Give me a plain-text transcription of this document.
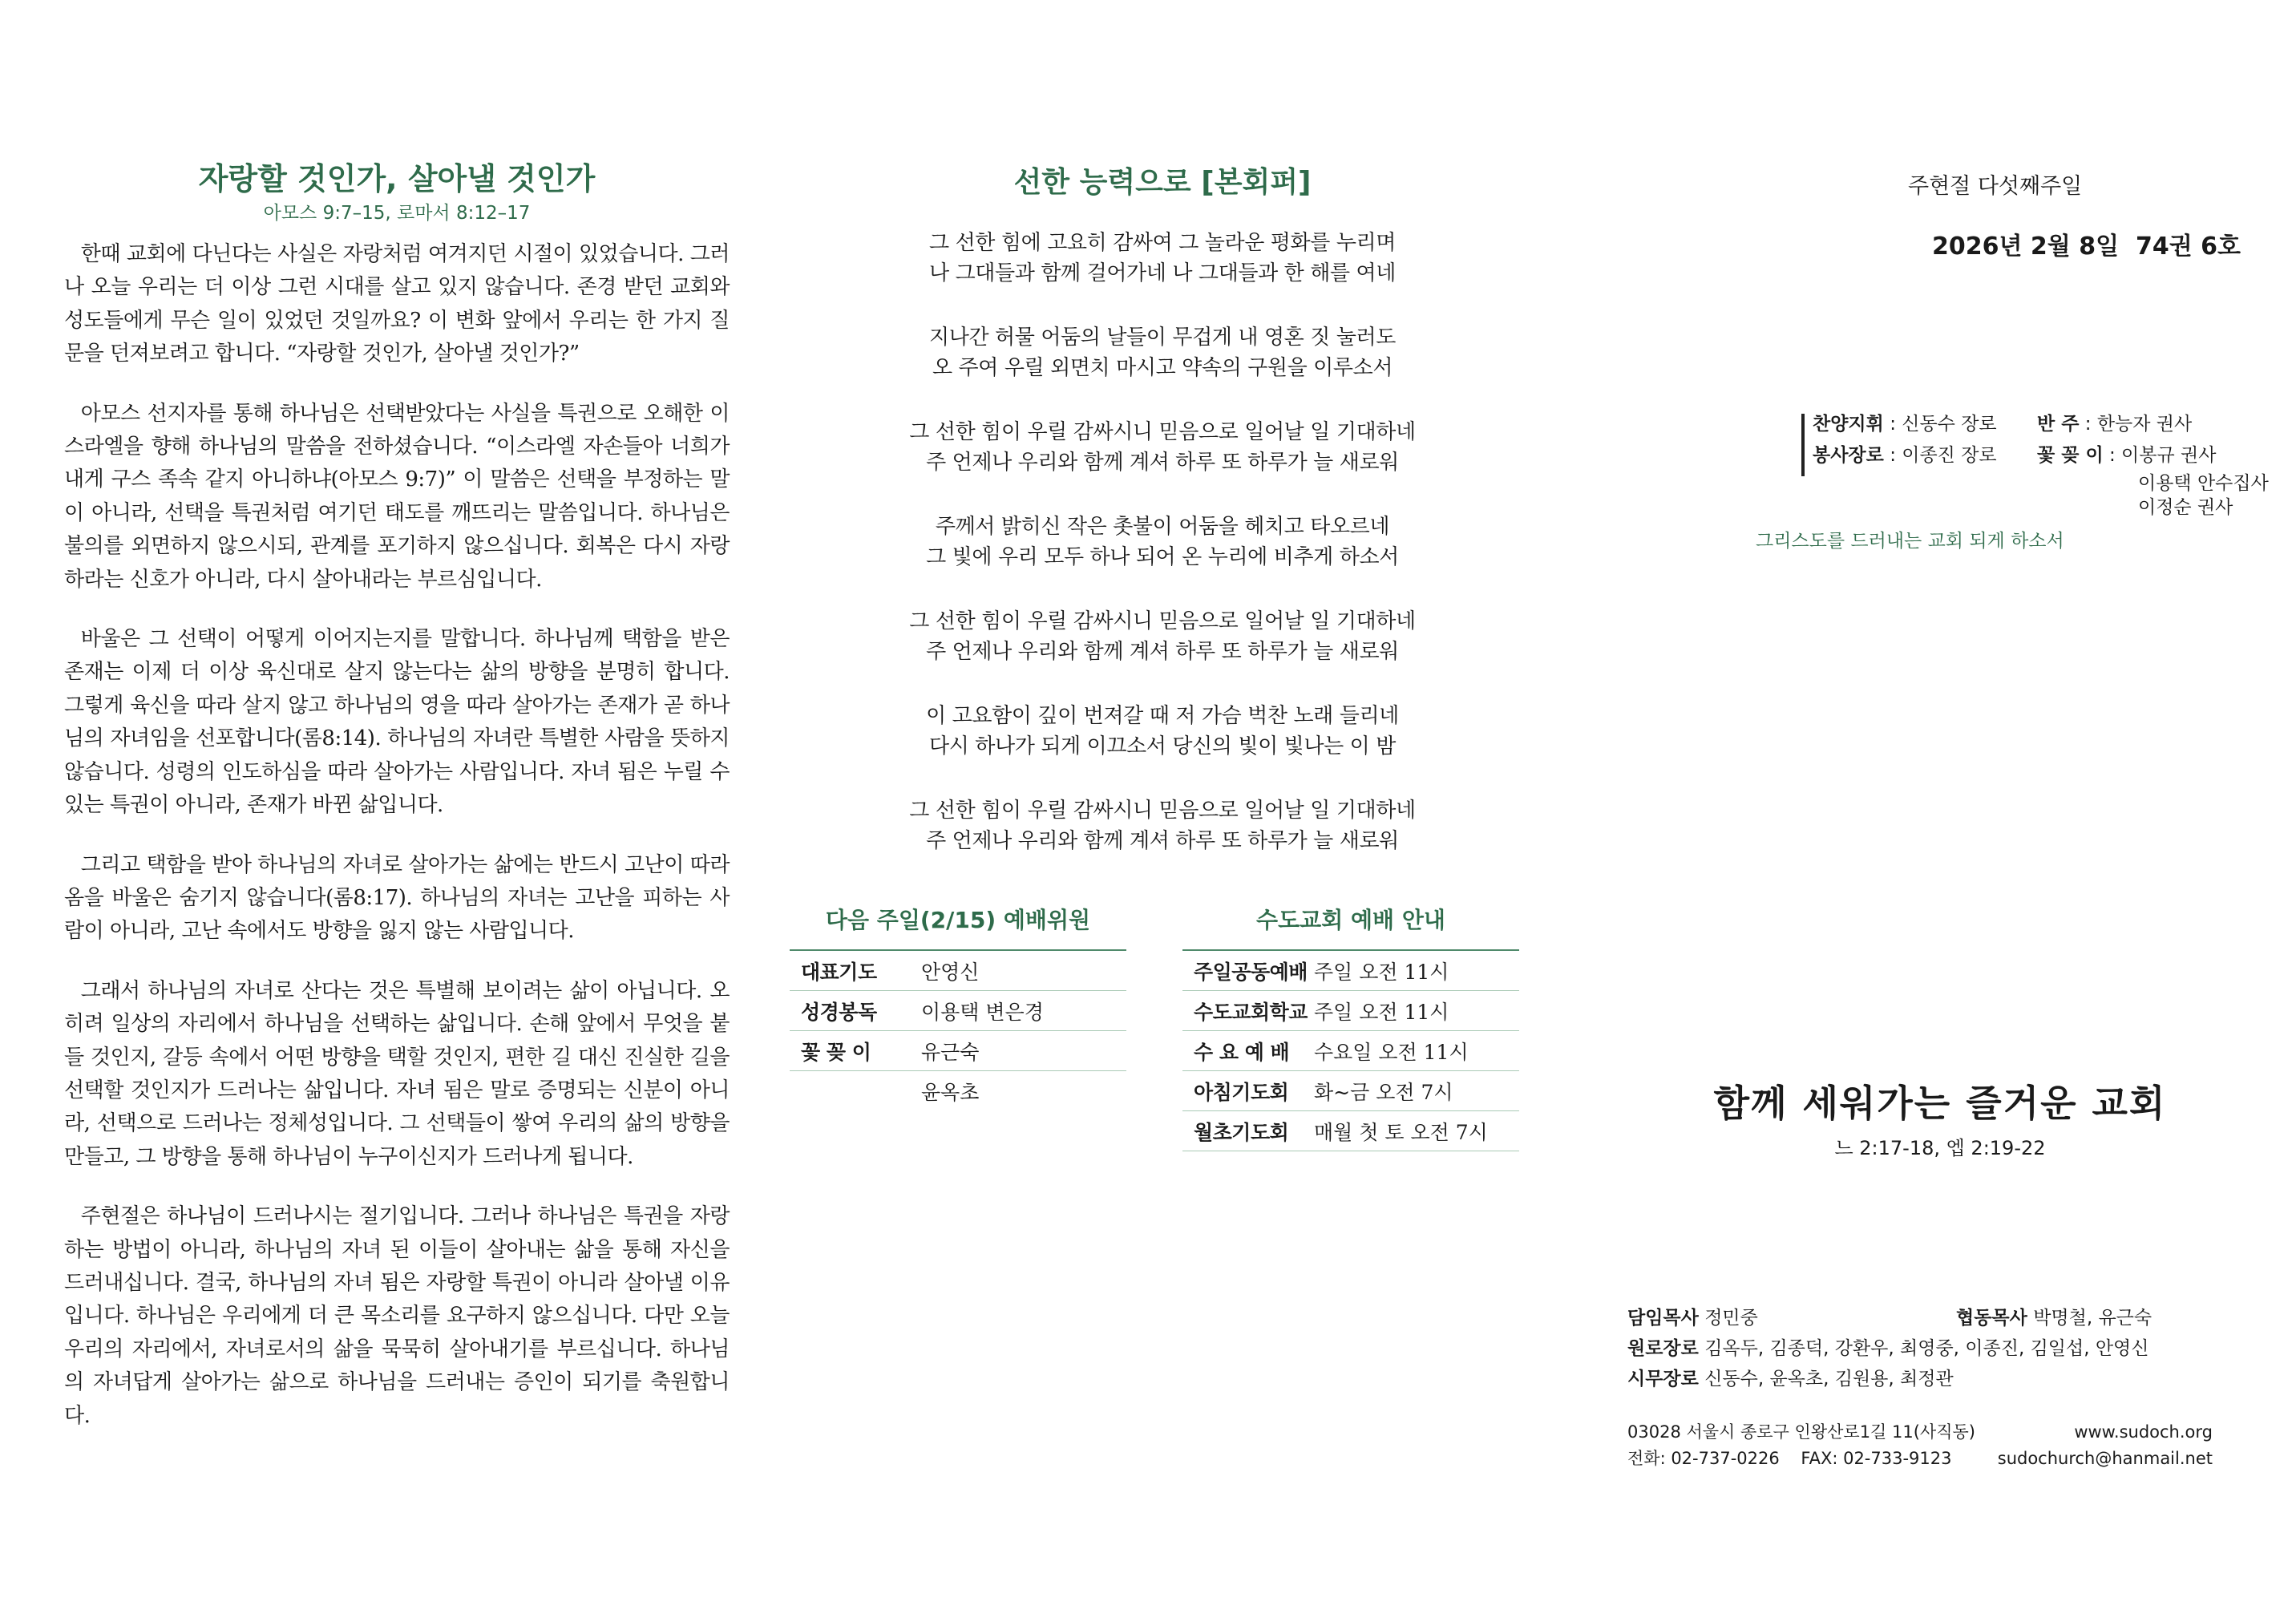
자랑할 것인가, 살아낼 것인가
아모스 9:7–15, 로마서 8:12–17

한때 교회에 다닌다는 사실은 자랑처럼 여겨지던 시절이 있었습니다. 그러나 오늘 우리는 더 이상 그런 시대를 살고 있지 않습니다. 존경 받던 교회와 성도들에게 무슨 일이 있었던 것일까요? 이 변화 앞에서 우리는 한 가지 질문을 던져보려고 합니다. “자랑할 것인가, 살아낼 것인가?”

아모스 선지자를 통해 하나님은 선택받았다는 사실을 특권으로 오해한 이스라엘을 향해 하나님의 말씀을 전하셨습니다. “이스라엘 자손들아 너희가 내게 구스 족속 같지 아니하냐(아모스 9:7)” 이 말씀은 선택을 부정하는 말이 아니라, 선택을 특권처럼 여기던 태도를 깨뜨리는 말씀입니다. 하나님은 불의를 외면하지 않으시되, 관계를 포기하지 않으십니다. 회복은 다시 자랑하라는 신호가 아니라, 다시 살아내라는 부르심입니다.

바울은 그 선택이 어떻게 이어지는지를 말합니다. 하나님께 택함을 받은 존재는 이제 더 이상 육신대로 살지 않는다는 삶의 방향을 분명히 합니다. 그렇게 육신을 따라 살지 않고 하나님의 영을 따라 살아가는 존재가 곧 하나님의 자녀임을 선포합니다(롬8:14). 하나님의 자녀란 특별한 사람을 뜻하지 않습니다. 성령의 인도하심을 따라 살아가는 사람입니다. 자녀 됨은 누릴 수 있는 특권이 아니라, 존재가 바뀐 삶입니다.

그리고 택함을 받아 하나님의 자녀로 살아가는 삶에는 반드시 고난이 따라옴을 바울은 숨기지 않습니다(롬8:17). 하나님의 자녀는 고난을 피하는 사람이 아니라, 고난 속에서도 방향을 잃지 않는 사람입니다.

그래서 하나님의 자녀로 산다는 것은 특별해 보이려는 삶이 아닙니다. 오히려 일상의 자리에서 하나님을 선택하는 삶입니다. 손해 앞에서 무엇을 붙들 것인지, 갈등 속에서 어떤 방향을 택할 것인지, 편한 길 대신 진실한 길을 선택할 것인지가 드러나는 삶입니다. 자녀 됨은 말로 증명되는 신분이 아니라, 선택으로 드러나는 정체성입니다. 그 선택들이 쌓여 우리의 삶의 방향을 만들고, 그 방향을 통해 하나님이 누구이신지가 드러나게 됩니다.

주현절은 하나님이 드러나시는 절기입니다. 그러나 하나님은 특권을 자랑하는 방법이 아니라, 하나님의 자녀 된 이들이 살아내는 삶을 통해 자신을 드러내십니다. 결국, 하나님의 자녀 됨은 자랑할 특권이 아니라 살아낼 이유입니다. 하나님은 우리에게 더 큰 목소리를 요구하지 않으십니다. 다만 오늘 우리의 자리에서, 자녀로서의 삶을 묵묵히 살아내기를 부르십니다. 하나님의 자녀답게 살아가는 삶으로 하나님을 드러내는 증인이 되기를 축원합니다.

선한 능력으로 [본회퍼]
그 선한 힘에 고요히 감싸여 그 놀라운 평화를 누리며
나 그대들과 함께 걸어가네 나 그대들과 한 해를 여네
지나간 허물 어둠의 날들이 무겁게 내 영혼 짓 눌러도
오 주여 우릴 외면치 마시고 약속의 구원을 이루소서
그 선한 힘이 우릴 감싸시니 믿음으로 일어날 일 기대하네
주 언제나 우리와 함께 계셔 하루 또 하루가 늘 새로워
주께서 밝히신 작은 촛불이 어둠을 헤치고 타오르네
그 빛에 우리 모두 하나 되어 온 누리에 비추게 하소서
그 선한 힘이 우릴 감싸시니 믿음으로 일어날 일 기대하네
주 언제나 우리와 함께 계셔 하루 또 하루가 늘 새로워
이 고요함이 깊이 번져갈 때 저 가슴 벅찬 노래 들리네
다시 하나가 되게 이끄소서 당신의 빛이 빛나는 이 밤
그 선한 힘이 우릴 감싸시니 믿음으로 일어날 일 기대하네
주 언제나 우리와 함께 계셔 하루 또 하루가 늘 새로워
다음 주일(2/15) 예배위원
대표기도	안영신
성경봉독	이용택 변은경
꽃 꽂 이	유근숙
윤옥초
수도교회 예배 안내
주일공동예배 주일 오전 11시
수도교회학교 주일 오전 11시
수 요 예 배	수요일 오전 11시
아침기도회	화~금 오전 7시
월초기도회	매월 첫 토 오전 7시
주현절 다섯째주일
2026년 2월 8일 74권 6호
찬양지휘 : 신동수 장로	반 주 : 한능자 권사
봉사장로 : 이종진 장로	꽃 꽂 이 : 이봉규 권사
이용택 안수집사
이정순 권사
그리스도를 드러내는 교회 되게 하소서
함께 세워가는 즐거운 교회
느 2:17-18, 엡 2:19-22
담임목사 정민중	협동목사 박명철, 유근숙
원로장로 김옥두, 김종덕, 강환우, 최영중, 이종진, 김일섭, 안영신
시무장로 신동수, 윤옥초, 김원용, 최정관
03028 서울시 종로구 인왕산로1길 11(사직동)	www.sudoch.org
전화: 02-737-0226    FAX: 02-733-9123	sudochurch@hanmail.net
